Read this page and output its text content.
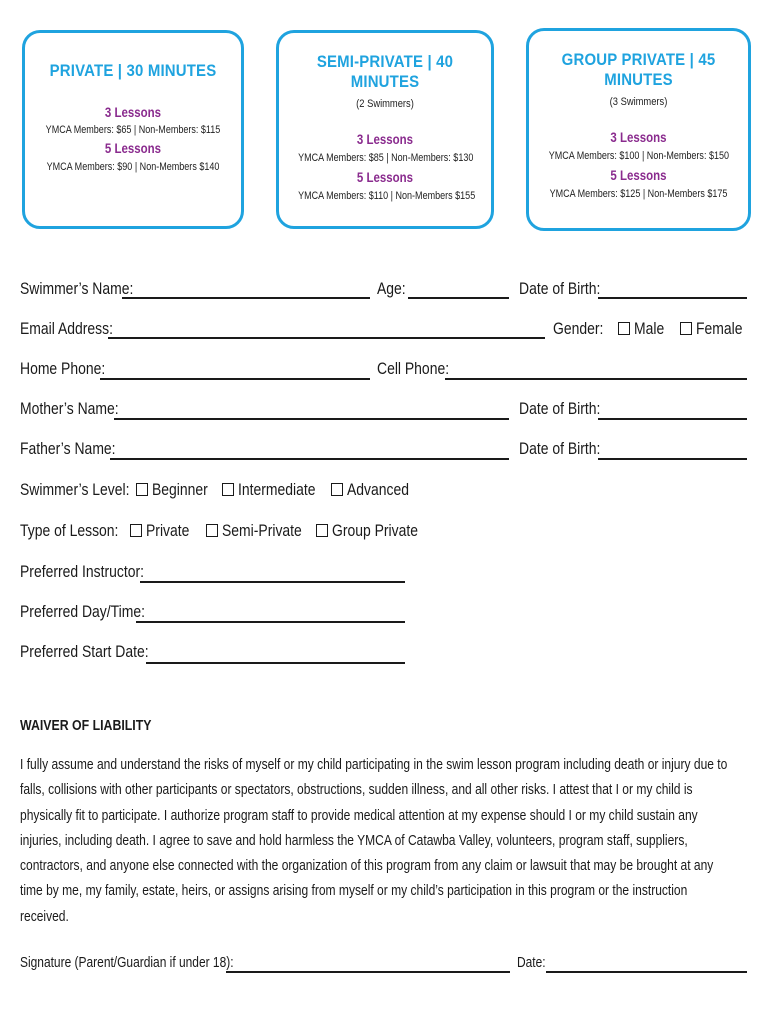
PRIVATE | 30 MINUTES
3 Lessons
YMCA Members: $65 | Non-Members: $115
5 Lessons
YMCA Members: $90 | Non-Members $140
SEMI-PRIVATE | 40 MINUTES
(2 Swimmers)
3 Lessons
YMCA Members: $85 | Non-Members: $130
5 Lessons
YMCA Members: $110 | Non-Members $155
GROUP PRIVATE | 45 MINUTES
(3 Swimmers)
3 Lessons
YMCA Members: $100 | Non-Members: $150
5 Lessons
YMCA Members: $125 | Non-Members $175
Swimmer’s Name:	Age:	Date of Birth:
Email Address:	Gender:	Male	Female
Home Phone:	Cell Phone:
Mother’s Name:	Date of Birth:
Father’s Name:	Date of Birth:
Swimmer’s Level:	Beginner	Intermediate	Advanced
Type of Lesson:	Private	Semi-Private	Group Private
Preferred Instructor:
Preferred Day/Time:
Preferred Start Date:
WAIVER OF LIABILITY
I fully assume and understand the risks of myself or my child participating in the swim lesson program including death or injury due to falls, collisions with other participants or spectators, obstructions, sudden illness, and all other risks. I attest that I or my child is physically fit to participate. I authorize program staff to provide medical attention at my expense should I or my child sustain any injuries, including death. I agree to save and hold harmless the YMCA of Catawba Valley, volunteers, program staff, suppliers, contractors, and anyone else connected with the organization of this program from any claim or lawsuit that may be brought at any time by me, my family, estate, heirs, or assigns arising from myself or my child’s participation in this program or the instruction received.
Signature (Parent/Guardian if under 18):	Date:
